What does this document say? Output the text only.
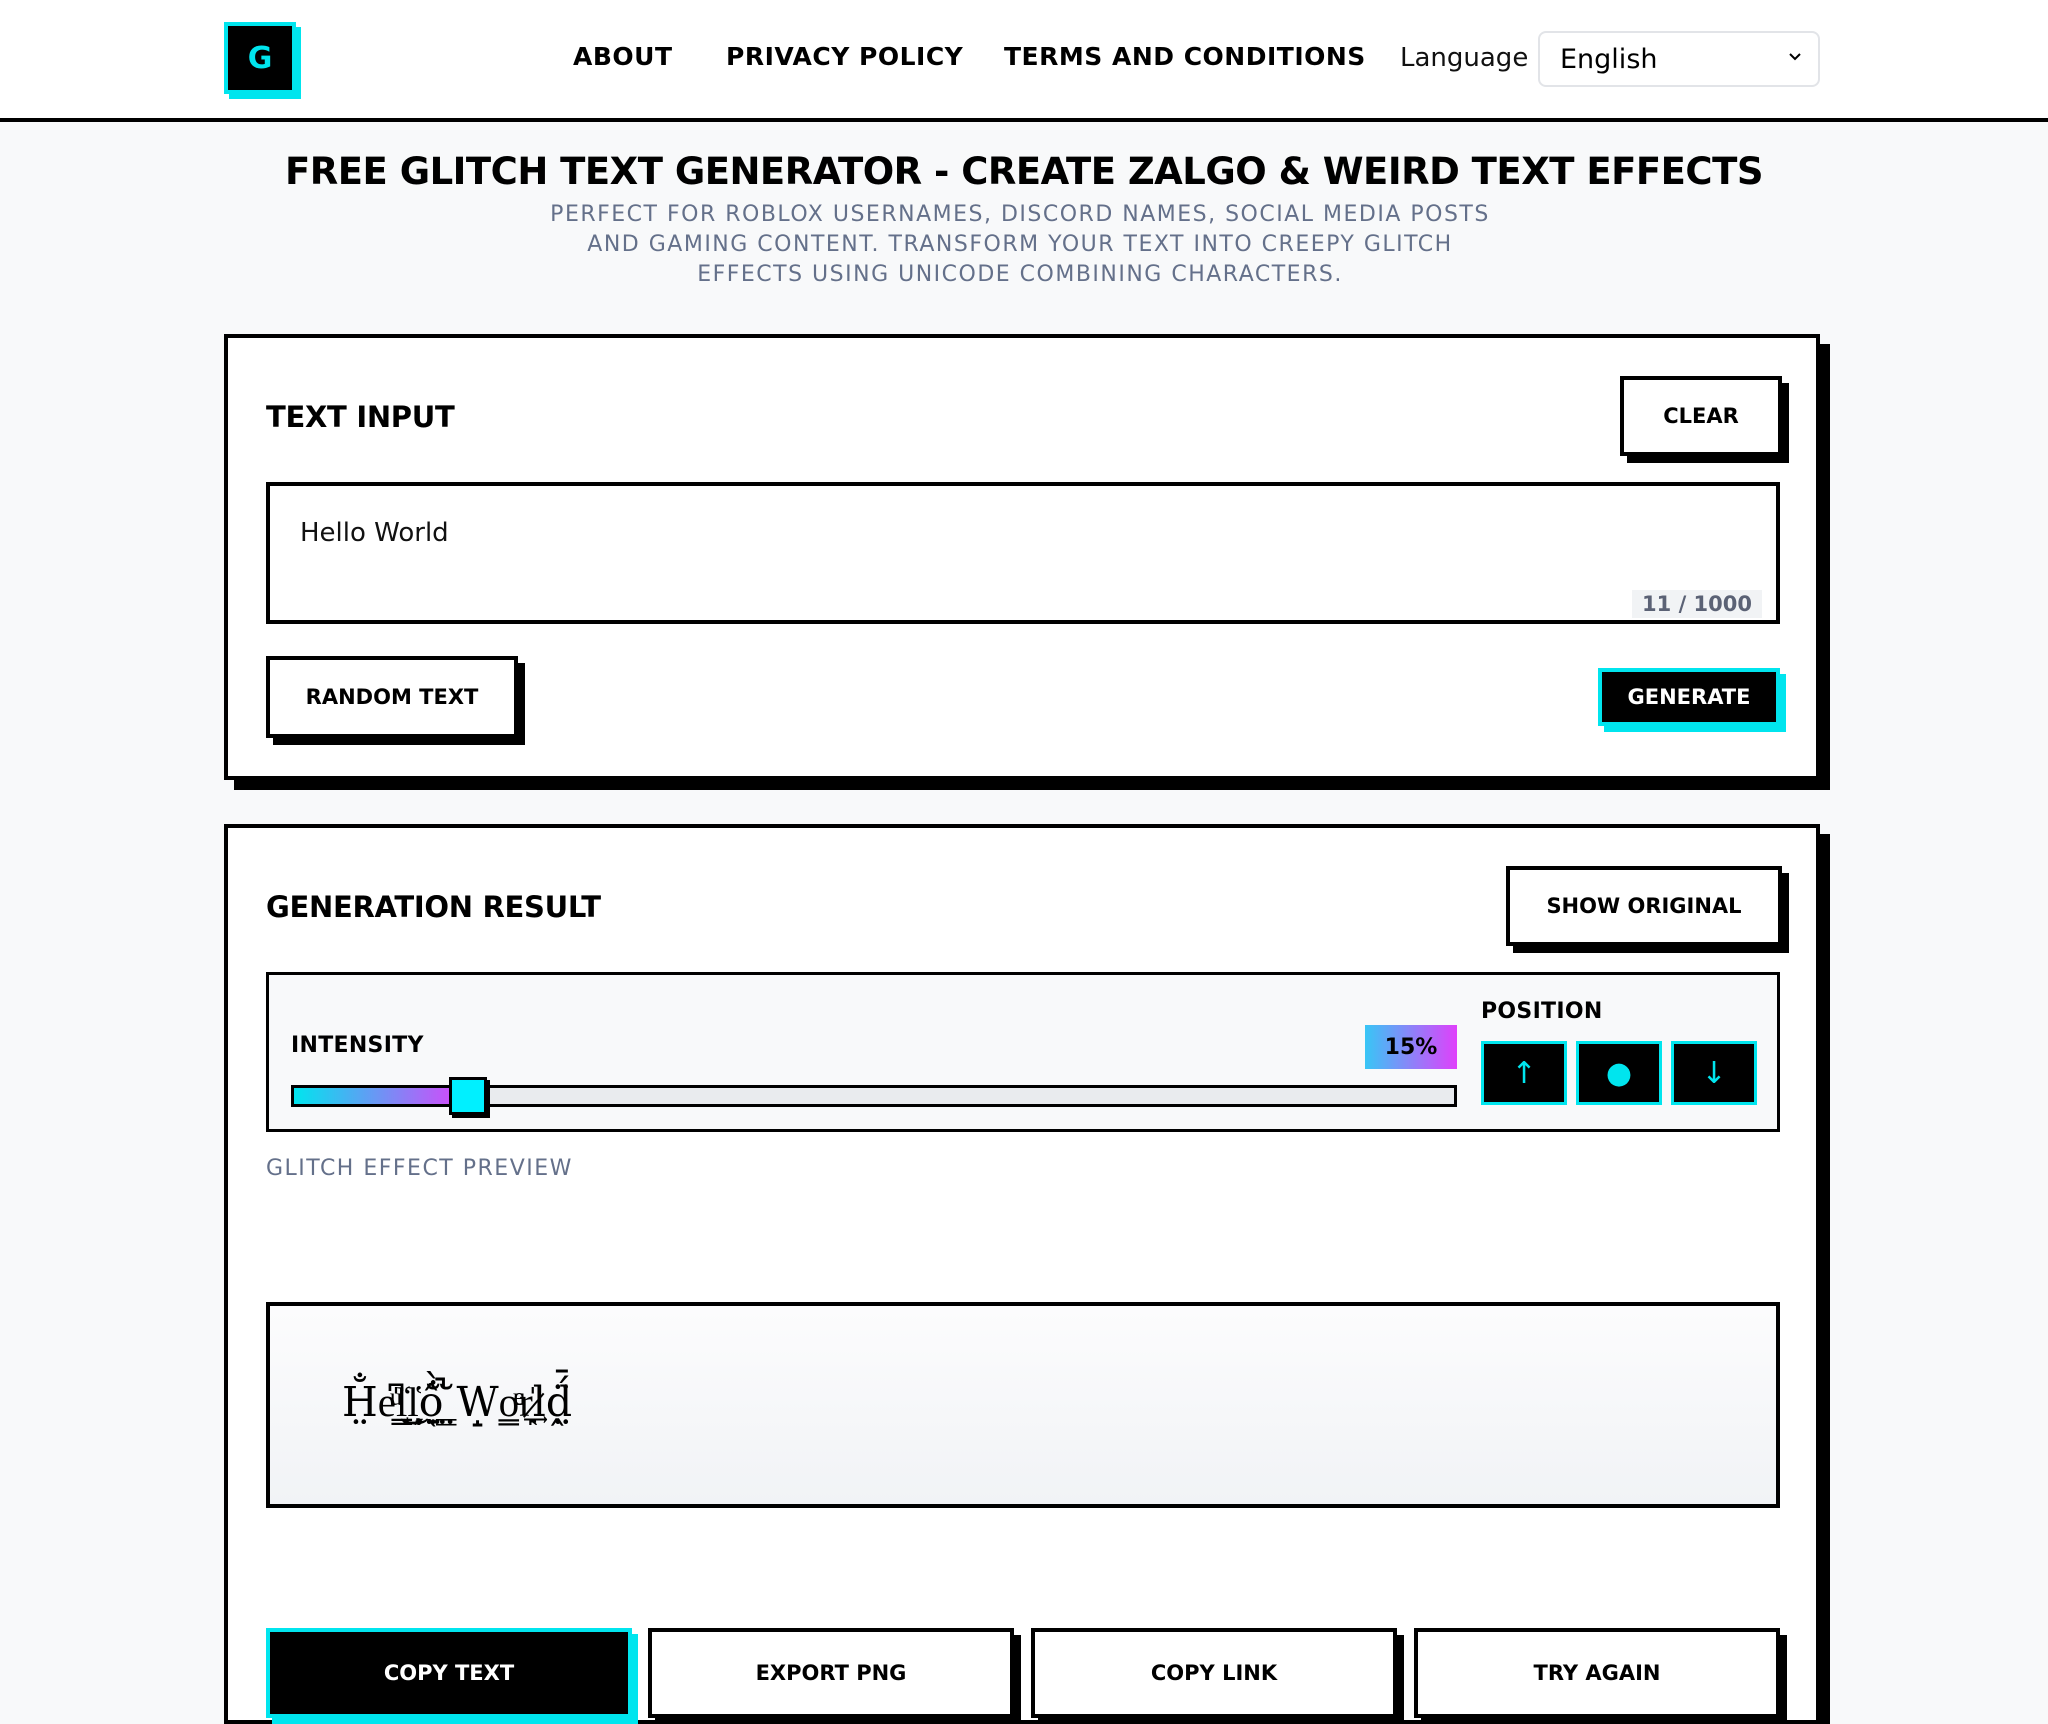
G	ABOUT PRIVACY POLICY TERMS AND CONDITIONS Language English
FREE GLITCH TEXT GENERATOR - CREATE ZALGO & WEIRD TEXT EFFECTS
PERFECT FOR ROBLOX USERNAMES, DISCORD NAMES, SOCIAL MEDIA POSTS AND GAMING CONTENT. TRANSFORM YOUR TEXT INTO CREEPY GLITCH EFFECTS USING UNICODE COMBINING CHARACTERS.
TEXT INPUT	CLEAR
Hello World
11 / 1000
RANDOM TEXT	GENERATE
GENERATION RESULT	SHOW ORIGINAL
INTENSITY	15%
POSITION
↑ ● ↓
GLITCH EFFECT PREVIEW
H̤̐e̍͆ͧl̳͙̒͜l̗̟̔ͅô̖̣̤̐̀̚ ̳̤̆W̝o̳ͤͧr̖̙̍͢l̷ḓ̤̈́̄
COPY TEXT	EXPORT PNG	COPY LINK	TRY AGAIN
